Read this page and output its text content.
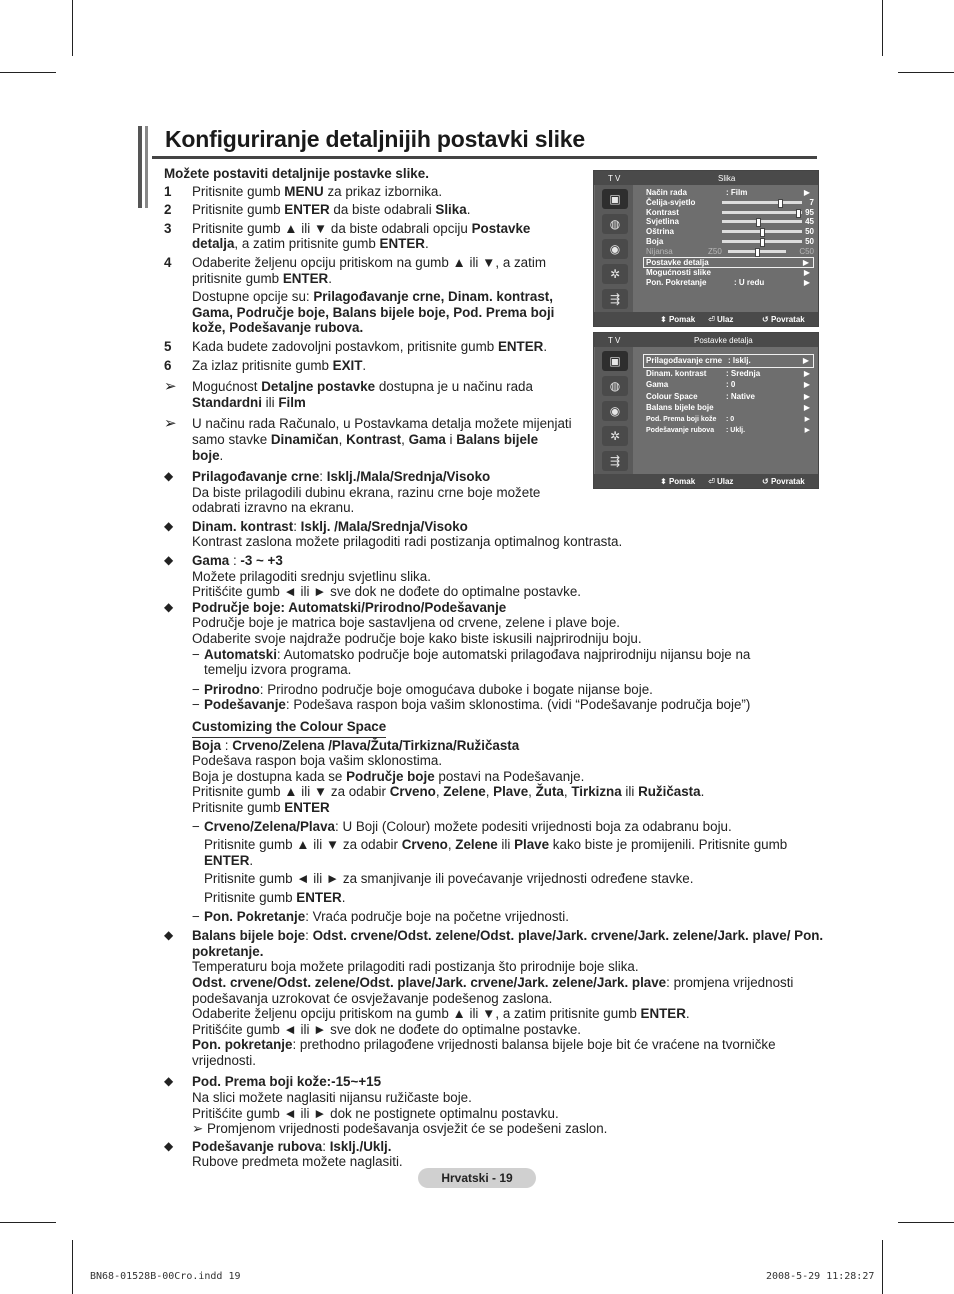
Konfiguriranje detaljnijih postavki slike

Možete postaviti detaljnije postavke slike.

1 Pritisnite gumb MENU za prikaz izbornika.
2 Pritisnite gumb ENTER da biste odabrali Slika.
3 Pritisnite gumb ▲ ili ▼ da biste odabrali opciju Postavke detalja, a zatim pritisnite gumb ENTER.
4 Odaberite željenu opciju pritiskom na gumb ▲ ili ▼, a zatim pritisnite gumb ENTER.
Dostupne opcije su: Prilagođavanje crne, Dinam. kontrast, Gama, Područje boje, Balans bijele boje, Pod. Prema boji kože, Podešavanje rubova.
5 Kada budete zadovoljni postavkom, pritisnite gumb ENTER.
6 Za izlaz pritisnite gumb EXIT.
➢ Mogućnost Detaljne postavke dostupna je u načinu rada Standardni ili Film
➢ U načinu rada Računalo, u Postavkama detalja možete mijenjati samo stavke Dinamičan, Kontrast, Gama i Balans bijele boje.
◆ Prilagođavanje crne: Isklj./Mala/Srednja/Visoko
Da biste prilagodili dubinu ekrana, razinu crne boje možete odabrati izravno na ekranu.
◆ Dinam. kontrast: Isklj. /Mala/Srednja/Visoko
Kontrast zaslona možete prilagoditi radi postizanja optimalnog kontrasta.
◆ Gama : -3 ~ +3
Možete prilagoditi srednju svjetlinu slika.
Pritišćite gumb ◄ ili ► sve dok ne dođete do optimalne postavke.
◆ Područje boje: Automatski/Prirodno/Podešavanje
Područje boje je matrica boje sastavljena od crvene, zelene i plave boje.
Odaberite svoje najdraže područje boje kako biste iskusili najprirodniju boju.
− Automatski: Automatsko područje boje automatski prilagođava najprirodniju nijansu boje na temelju izvora programa.
− Prirodno: Prirodno područje boje omogućava duboke i bogate nijanse boje.
− Podešavanje: Podešava raspon boja vašim sklonostima. (vidi “Podešavanje područja boje”)
Customizing the Colour Space

Boja : Crveno/Zelena /Plava/Žuta/Tirkizna/Ružičasta

Podešava raspon boja vašim sklonostima.

Boja je dostupna kada se Područje boje postavi na Podešavanje.

Pritisnite gumb ▲ ili ▼ za odabir Crveno, Zelene, Plave, Žuta, Tirkizna ili Ružičasta.

Pritisnite gumb ENTER

− Crveno/Zelena/Plava: U Boji (Colour) možete podesiti vrijednosti boja za odabranu boju.
Pritisnite gumb ▲ ili ▼ za odabir Crveno, Zelene ili Plave kako biste je promijenili. Pritisnite gumb ENTER.
Pritisnite gumb ◄ ili ► za smanjivanje ili povećavanje vrijednosti određene stavke.
Pritisnite gumb ENTER.
− Pon. Pokretanje: Vraća područje boje na početne vrijednosti.
◆ Balans bijele boje: Odst. crvene/Odst. zelene/Odst. plave/Jark. crvene/Jark. zelene/Jark. plave/ Pon. pokretanje.
Temperaturu boja možete prilagoditi radi postizanja što prirodnije boje slika.
Odst. crvene/Odst. zelene/Odst. plave/Jark. crvene/Jark. zelene/Jark. plave: promjena vrijednosti podešavanja uzrokovat će osvježavanje podešenog zaslona.
Odaberite željenu opciju pritiskom na gumb ▲ ili ▼, a zatim pritisnite gumb ENTER.
Pritišćite gumb ◄ ili ► sve dok ne dođete do optimalne postavke.
Pon. pokretanje: prethodno prilagođene vrijednosti balansa bijele boje bit će vraćene na tvorničke vrijednosti.
◆ Pod. Prema boji kože:-15~+15
Na slici možete naglasiti nijansu ružičaste boje.
Pritišćite gumb ◄ ili ► dok ne postignete optimalnu postavku.
➢ Promjenom vrijednosti podešavanja osvježit će se podešeni zaslon.
◆ Podešavanje rubova: Isklj./Uklj.
Rubove predmeta možete naglasiti.
T V	Slika
▣
◍
◉
✲
⇶
Način rada	: Film	▶
Čelija-svjetlo	7
Kontrast	95
Svjetlina	45
Oštrina	50
Boja	50
Nijansa	Z50	C50
Postavke detalja	▶
Mogućnosti slike	▶
Pon. Pokretanje	: U redu	▶
⬍ Pomak ⏎ Ulaz	↺ Povratak
T V	Postavke detalja
▣
◍
◉
✲
⇶
Prilagođavanje crne : Isklj.	▶
Dinam. kontrast : Srednja	▶
Gama	: 0	▶
Colour Space	: Native	▶
Balans bijele boje	▶
Pod. Prema boji kože : 0	▶
Podešavanje rubova : Uklj.	▶
⬍ Pomak ⏎ Ulaz	↺ Povratak
Hrvatski - 19
BN68-01528B-00Cro.indd 19	2008-5-29 11:28:27
